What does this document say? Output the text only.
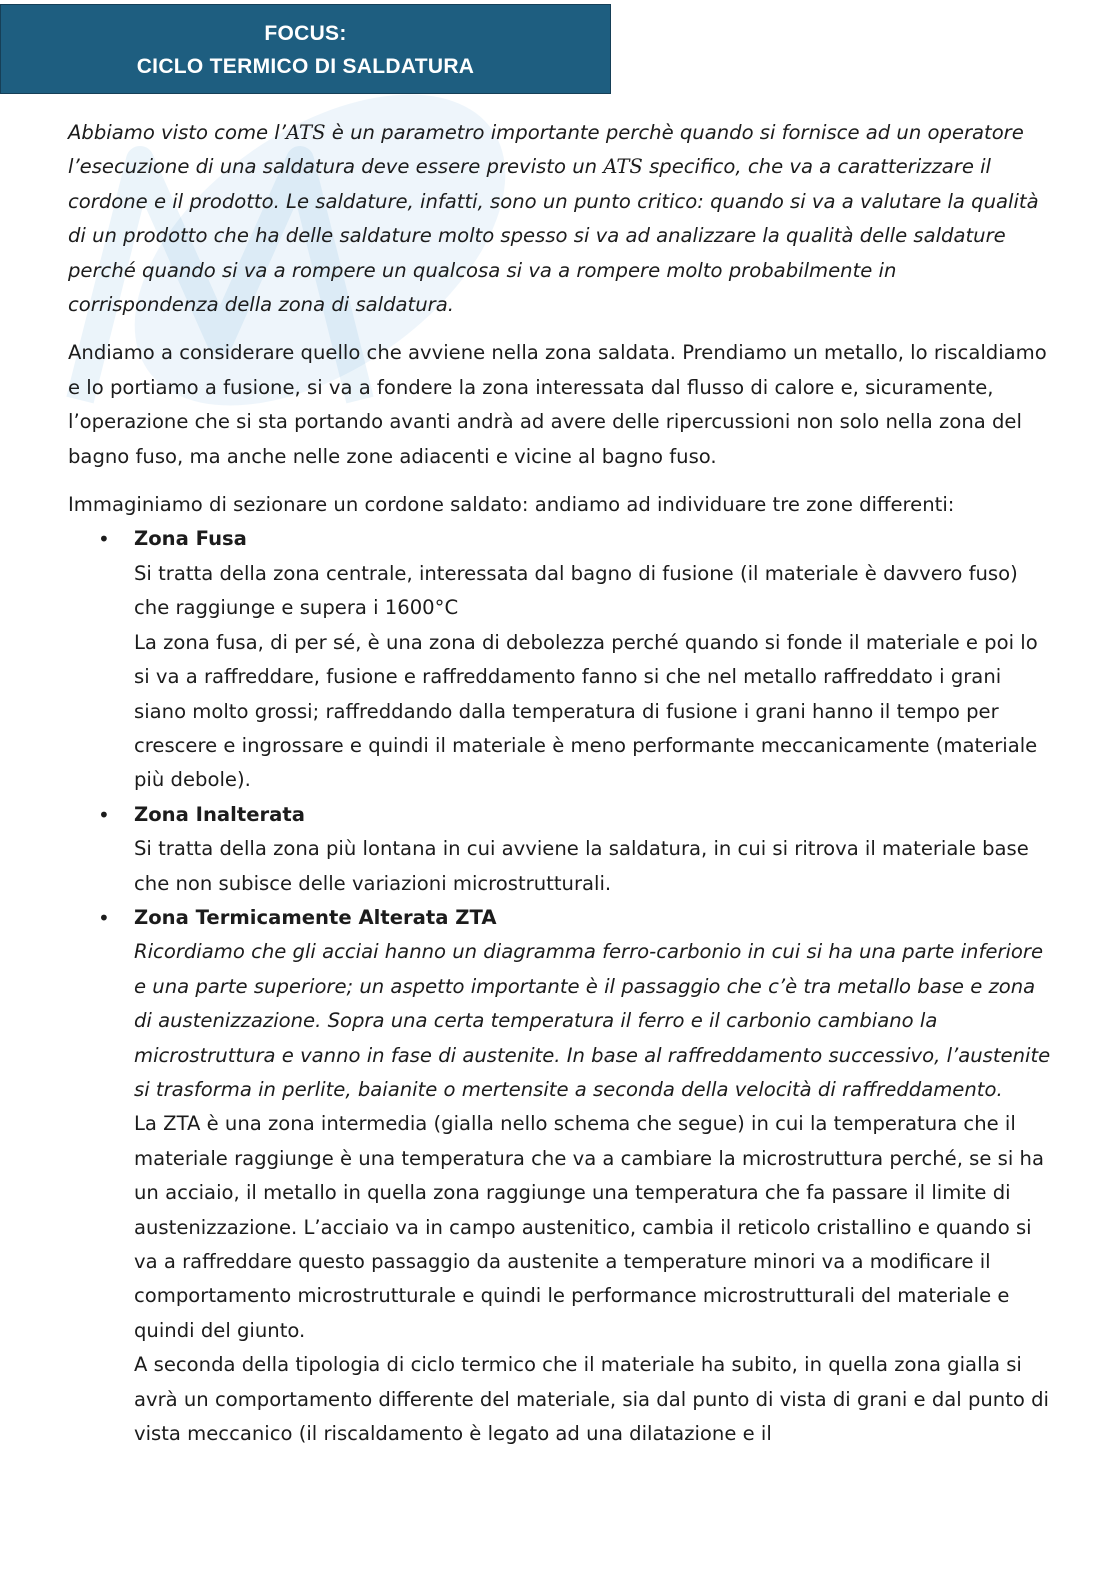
FOCUS:
CICLO TERMICO DI SALDATURA

Abbiamo visto come l’ATS è un parametro importante perchè quando si fornisce ad un operatore l’esecuzione di una saldatura deve essere previsto un ATS specifico, che va a caratterizzare il cordone e il prodotto. Le saldature, infatti, sono un punto critico: quando si va a valutare la qualità di un prodotto che ha delle saldature molto spesso si va ad analizzare la qualità delle saldature perché quando si va a rompere un qualcosa si va a rompere molto probabilmente in corrispondenza della zona di saldatura.

Andiamo a considerare quello che avviene nella zona saldata. Prendiamo un metallo, lo riscaldiamo e lo portiamo a fusione, si va a fondere la zona interessata dal flusso di calore e, sicuramente, l’operazione che si sta portando avanti andrà ad avere delle ripercussioni non solo nella zona del bagno fuso, ma anche nelle zone adiacenti e vicine al bagno fuso.

Immaginiamo di sezionare un cordone saldato: andiamo ad individuare tre zone differenti:

• Zona Fusa
Si tratta della zona centrale, interessata dal bagno di fusione (il materiale è davvero fuso) che raggiunge e supera i 1600°C
La zona fusa, di per sé, è una zona di debolezza perché quando si fonde il materiale e poi lo si va a raffreddare, fusione e raffreddamento fanno si che nel metallo raffreddato i grani siano molto grossi; raffreddando dalla temperatura di fusione i grani hanno il tempo per crescere e ingrossare e quindi il materiale è meno performante meccanicamente (materiale più debole).
• Zona Inalterata
Si tratta della zona più lontana in cui avviene la saldatura, in cui si ritrova il materiale base che non subisce delle variazioni microstrutturali.
• Zona Termicamente Alterata ZTA
Ricordiamo che gli acciai hanno un diagramma ferro-carbonio in cui si ha una parte inferiore e una parte superiore; un aspetto importante è il passaggio che c’è tra metallo base e zona di austenizzazione. Sopra una certa temperatura il ferro e il carbonio cambiano la microstruttura e vanno in fase di austenite. In base al raffreddamento successivo, l’austenite si trasforma in perlite, baianite o mertensite a seconda della velocità di raffreddamento.
La ZTA è una zona intermedia (gialla nello schema che segue) in cui la temperatura che il materiale raggiunge è una temperatura che va a cambiare la microstruttura perché, se si ha un acciaio, il metallo in quella zona raggiunge una temperatura che fa passare il limite di austenizzazione. L’acciaio va in campo austenitico, cambia il reticolo cristallino e quando si va a raffreddare questo passaggio da austenite a temperature minori va a modificare il comportamento microstrutturale e quindi le performance microstrutturali del materiale e quindi del giunto.
A seconda della tipologia di ciclo termico che il materiale ha subito, in quella zona gialla si avrà un comportamento differente del materiale, sia dal punto di vista di grani e dal punto di vista meccanico (il riscaldamento è legato ad una dilatazione e il
